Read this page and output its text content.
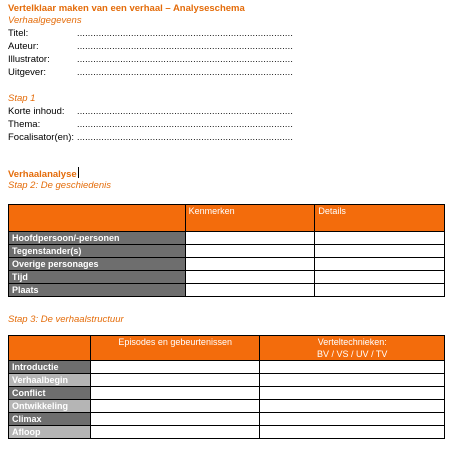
Vertelklaar maken van een verhaal – Analyseschema
Verhaalgegevens
Titel:	................................................................................
Auteur:	................................................................................
Illustrator:	................................................................................
Uitgever:	................................................................................
Stap 1
Korte inhoud: ................................................................................
Thema:	................................................................................
Focalisator(en): ................................................................................
Verhaalanalyse
Stap 2: De geschiedenis
	Kenmerken	Details
Hoofdpersoon/-personen		
Tegenstander(s)		
Overige personages		
Tijd		
Plaats		
Stap 3: De verhaalstructuur
	Episodes en gebeurtenissen	Verteltechnieken:
BV / VS / UV / TV

Introductie		
Verhaalbegin		
Conflict		
Ontwikkeling		
Climax		
Afloop		
